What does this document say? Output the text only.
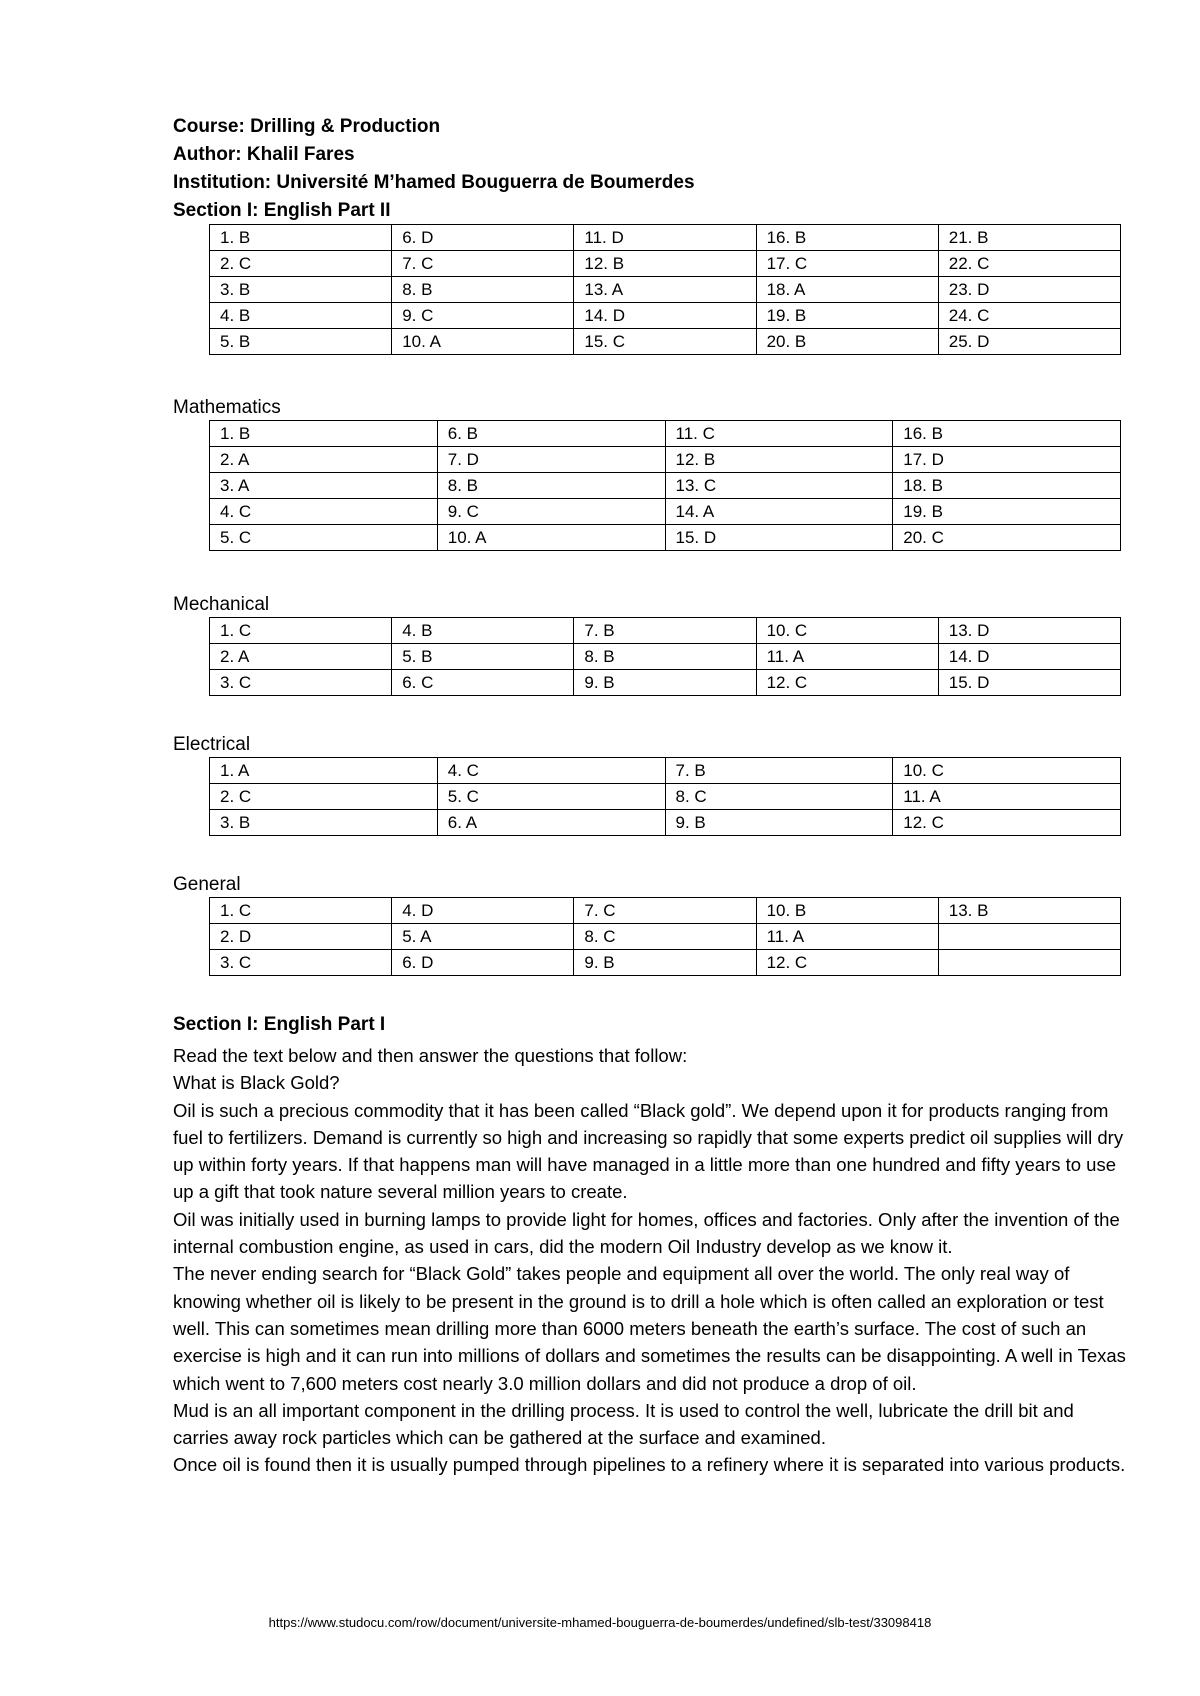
Course: Drilling & Production
Author: Khalil Fares
Institution: Université M’hamed Bouguerra de Boumerdes
Section I: English Part II
1. B	6. D	11. D	16. B	21. B
2. C	7. C	12. B	17. C	22. C
3. B	8. B	13. A	18. A	23. D
4. B	9. C	14. D	19. B	24. C
5. B	10. A	15. C	20. B	25. D
Mathematics
1. B	6. B	11. C	16. B
2. A	7. D	12. B	17. D
3. A	8. B	13. C	18. B
4. C	9. C	14. A	19. B
5. C	10. A	15. D	20. C
Mechanical
1. C	4. B	7. B	10. C	13. D
2. A	5. B	8. B	11. A	14. D
3. C	6. C	9. B	12. C	15. D
Electrical
1. A	4. C	7. B	10. C
2. C	5. C	8. C	11. A
3. B	6. A	9. B	12. C
General
1. C	4. D	7. C	10. B	13. B
2. D	5. A	8. C	11. A	
3. C	6. D	9. B	12. C	
Section I: English Part I

Read the text below and then answer the questions that follow:

What is Black Gold?

Oil is such a precious commodity that it has been called “Black gold”. We depend upon it for products ranging from fuel to fertilizers. Demand is currently so high and increasing so rapidly that some experts predict oil supplies will dry up within forty years. If that happens man will have managed in a little more than one hundred and fifty years to use up a gift that took nature several million years to create.

Oil was initially used in burning lamps to provide light for homes, offices and factories. Only after the invention of the internal combustion engine, as used in cars, did the modern Oil Industry develop as we know it.

The never ending search for “Black Gold” takes people and equipment all over the world. The only real way of knowing whether oil is likely to be present in the ground is to drill a hole which is often called an exploration or test well. This can sometimes mean drilling more than 6000 meters beneath the earth’s surface. The cost of such an exercise is high and it can run into millions of dollars and sometimes the results can be disappointing. A well in Texas which went to 7,600 meters cost nearly 3.0 million dollars and did not produce a drop of oil.

Mud is an all important component in the drilling process. It is used to control the well, lubricate the drill bit and carries away rock particles which can be gathered at the surface and examined.

Once oil is found then it is usually pumped through pipelines to a refinery where it is separated into various products.

https://www.studocu.com/row/document/universite-mhamed-bouguerra-de-boumerdes/undefined/slb-test/33098418
